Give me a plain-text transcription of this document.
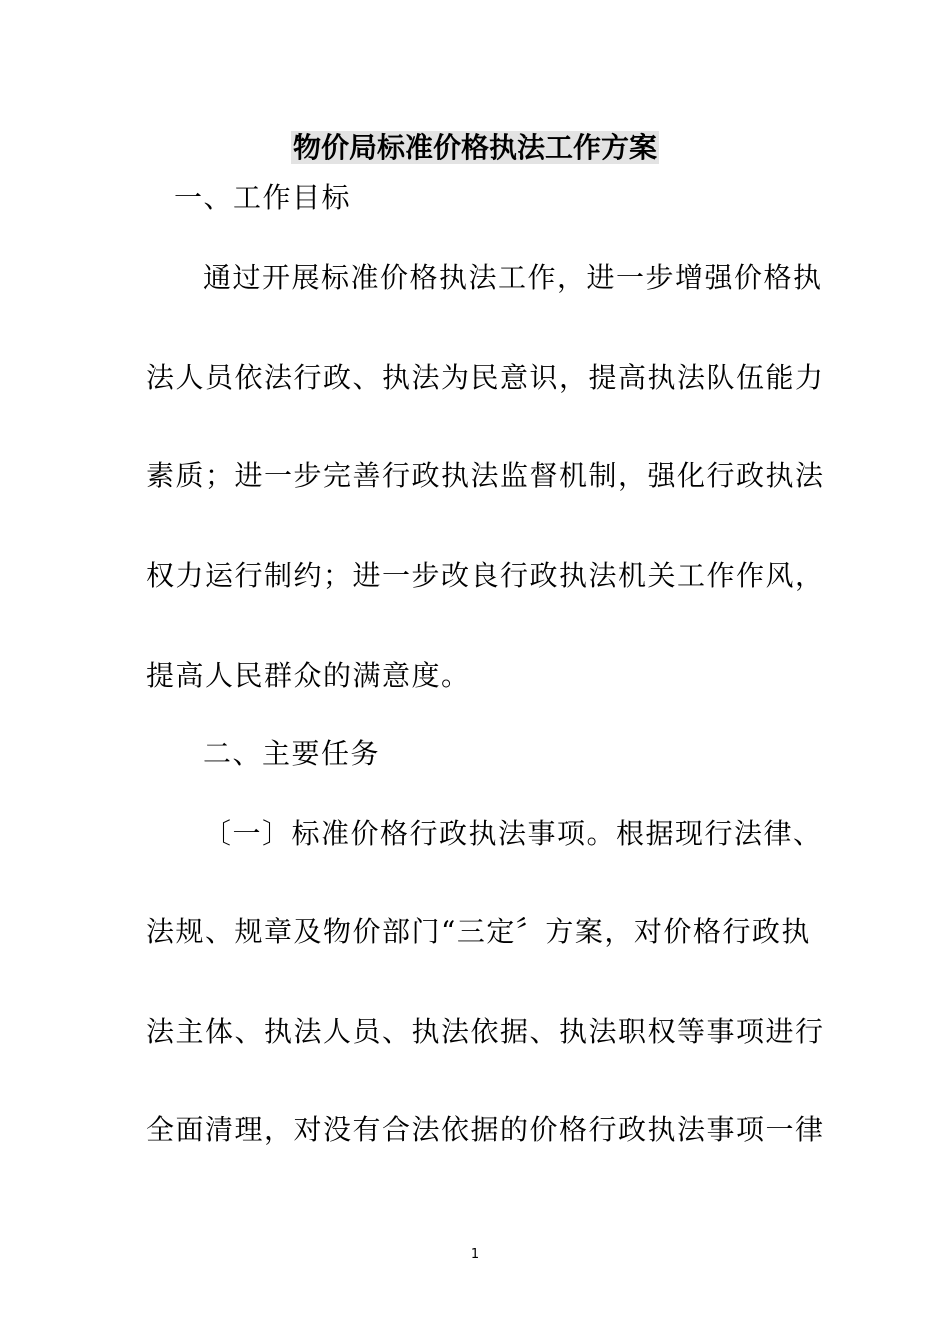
物价局标准价格执法工作方案
一、工作目标
通过开展标准价格执法工作，进一步增强价格执
法人员依法行政、执法为民意识，提高执法队伍能力
素质；进一步完善行政执法监督机制，强化行政执法
权力运行制约；进一步改良行政执法机关工作作风，
提高人民群众的满意度。
二、主要任务
〔一〕标准价格行政执法事项。根据现行法律、
法规、规章及物价部门“三定〞方案，对价格行政执
法主体、执法人员、执法依据、执法职权等事项进行
全面清理，对没有合法依据的价格行政执法事项一律
1
